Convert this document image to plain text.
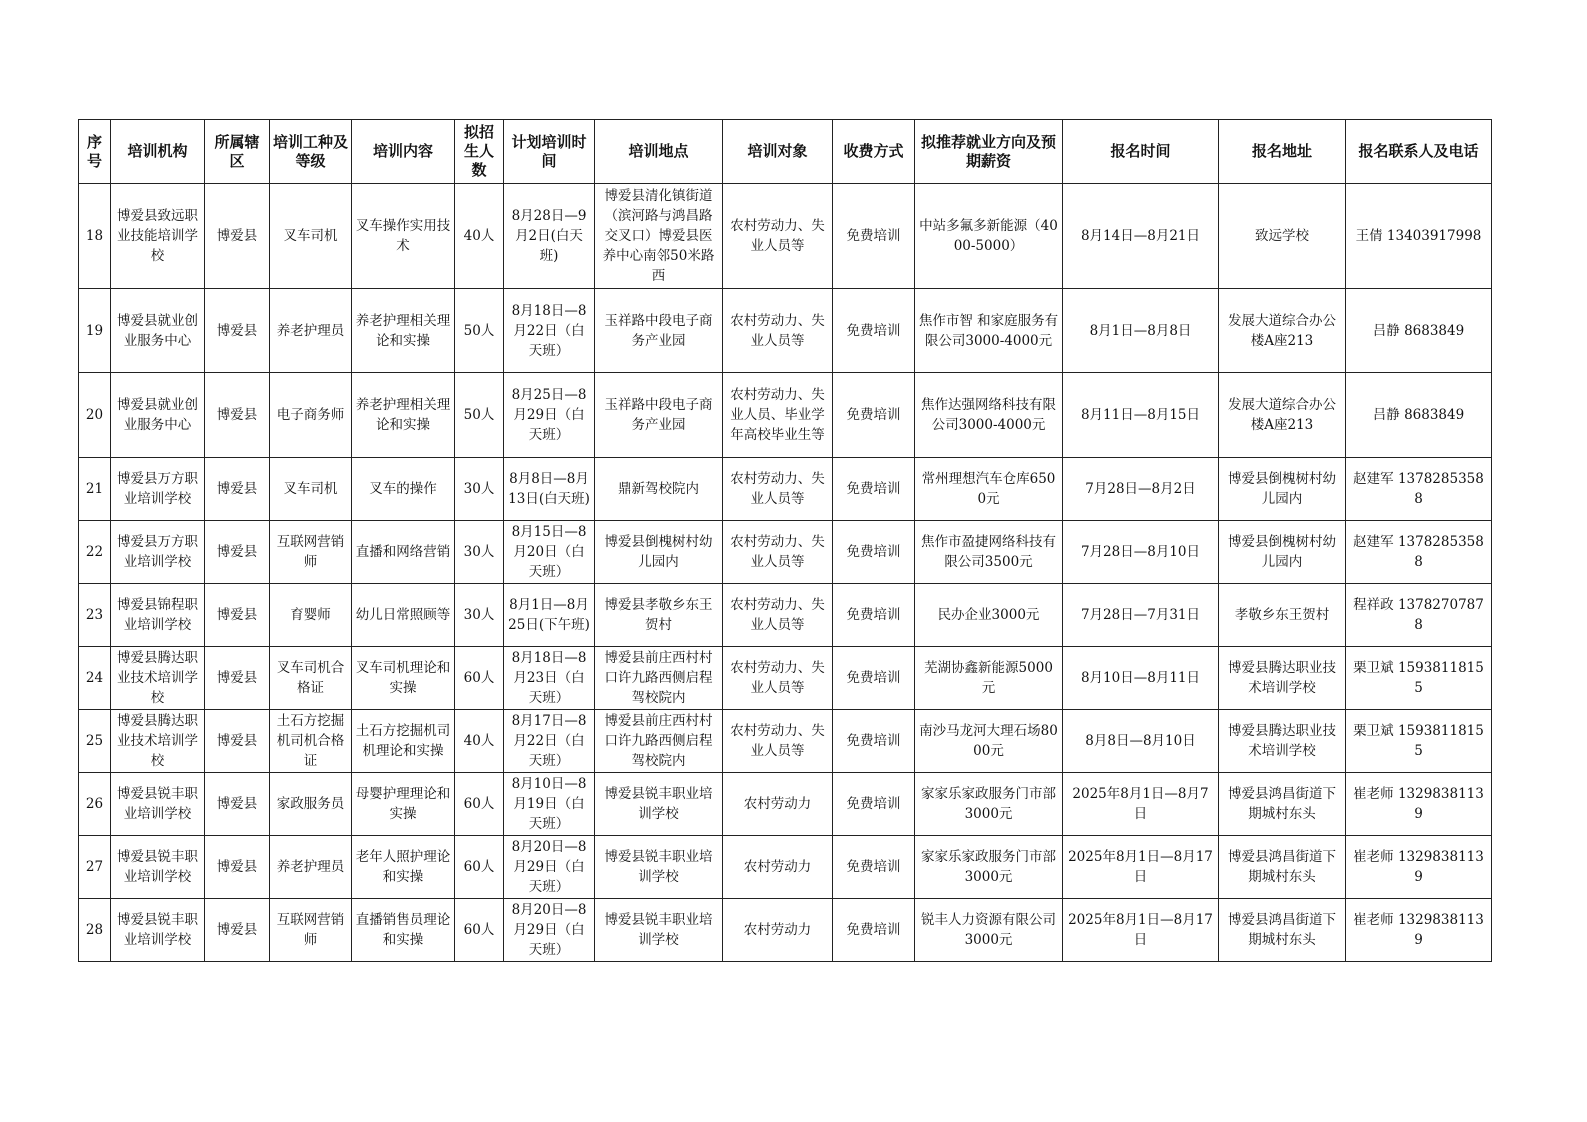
序号	培训机构	所属辖区	培训工种及等级	培训内容	拟招生人数	计划培训时间	培训地点	培训对象	收费方式	拟推荐就业方向及预期薪资	报名时间	报名地址	报名联系人及电话
18	博爱县致远职业技能培训学校	博爱县	叉车司机	叉车操作实用技术	40人	8月28日—9月2日(白天班)	博爱县清化镇街道（滨河路与鸿昌路交叉口）博爱县医养中心南邻50米路西	农村劳动力、失业人员等	免费培训	中站多氟多新能源（4000-5000）	8月14日—8月21日	致远学校	王倩 13403917998
19	博爱县就业创业服务中心	博爱县	养老护理员	养老护理相关理论和实操	50人	8月18日—8月22日（白天班）	玉祥路中段电子商务产业园	农村劳动力、失业人员等	免费培训	焦作市智 和家庭服务有限公司3000-4000元	8月1日—8月8日	发展大道综合办公楼A座213	吕静 8683849
20	博爱县就业创业服务中心	博爱县	电子商务师	养老护理相关理论和实操	50人	8月25日—8月29日（白天班）	玉祥路中段电子商务产业园	农村劳动力、失业人员、毕业学年高校毕业生等	免费培训	焦作达强网络科技有限公司3000-4000元	8月11日—8月15日	发展大道综合办公楼A座213	吕静 8683849
21	博爱县万方职业培训学校	博爱县	叉车司机	叉车的操作	30人	8月8日—8月13日(白天班)	鼎新驾校院内	农村劳动力、失业人员等	免费培训	常州理想汽车仓库6500元	7月28日—8月2日	博爱县倒槐树村幼儿园内	赵建军 13782853588
22	博爱县万方职业培训学校	博爱县	互联网营销师	直播和网络营销	30人	8月15日—8月20日（白天班）	博爱县倒槐树村幼儿园内	农村劳动力、失业人员等	免费培训	焦作市盈捷网络科技有限公司3500元	7月28日—8月10日	博爱县倒槐树村幼儿园内	赵建军 13782853588
23	博爱县锦程职业培训学校	博爱县	育婴师	幼儿日常照顾等	30人	8月1日—8月25日(下午班)	博爱县孝敬乡东王贺村	农村劳动力、失业人员等	免费培训	民办企业3000元	7月28日—7月31日	孝敬乡东王贺村	程祥政 13782707878
24	博爱县腾达职业技术培训学校	博爱县	叉车司机合格证	叉车司机理论和实操	60人	8月18日—8月23日（白天班）	博爱县前庄西村村口许九路西侧启程驾校院内	农村劳动力、失业人员等	免费培训	芜湖协鑫新能源5000元	8月10日—8月11日	博爱县腾达职业技术培训学校	栗卫斌 15938118155
25	博爱县腾达职业技术培训学校	博爱县	土石方挖掘机司机合格证	土石方挖掘机司机理论和实操	40人	8月17日—8月22日（白天班）	博爱县前庄西村村口许九路西侧启程驾校院内	农村劳动力、失业人员等	免费培训	南沙马龙河大理石场8000元	8月8日—8月10日	博爱县腾达职业技术培训学校	栗卫斌 15938118155
26	博爱县锐丰职业培训学校	博爱县	家政服务员	母婴护理理论和实操	60人	8月10日—8月19日（白天班）	博爱县锐丰职业培训学校	农村劳动力	免费培训	家家乐家政服务门市部3000元	2025年8月1日—8月7日	博爱县鸿昌街道下期城村东头	崔老师 13298381139
27	博爱县锐丰职业培训学校	博爱县	养老护理员	老年人照护理论和实操	60人	8月20日—8月29日（白天班）	博爱县锐丰职业培训学校	农村劳动力	免费培训	家家乐家政服务门市部3000元	2025年8月1日—8月17日	博爱县鸿昌街道下期城村东头	崔老师 13298381139
28	博爱县锐丰职业培训学校	博爱县	互联网营销师	直播销售员理论和实操	60人	8月20日—8月29日（白天班）	博爱县锐丰职业培训学校	农村劳动力	免费培训	锐丰人力资源有限公司3000元	2025年8月1日—8月17日	博爱县鸿昌街道下期城村东头	崔老师 13298381139
